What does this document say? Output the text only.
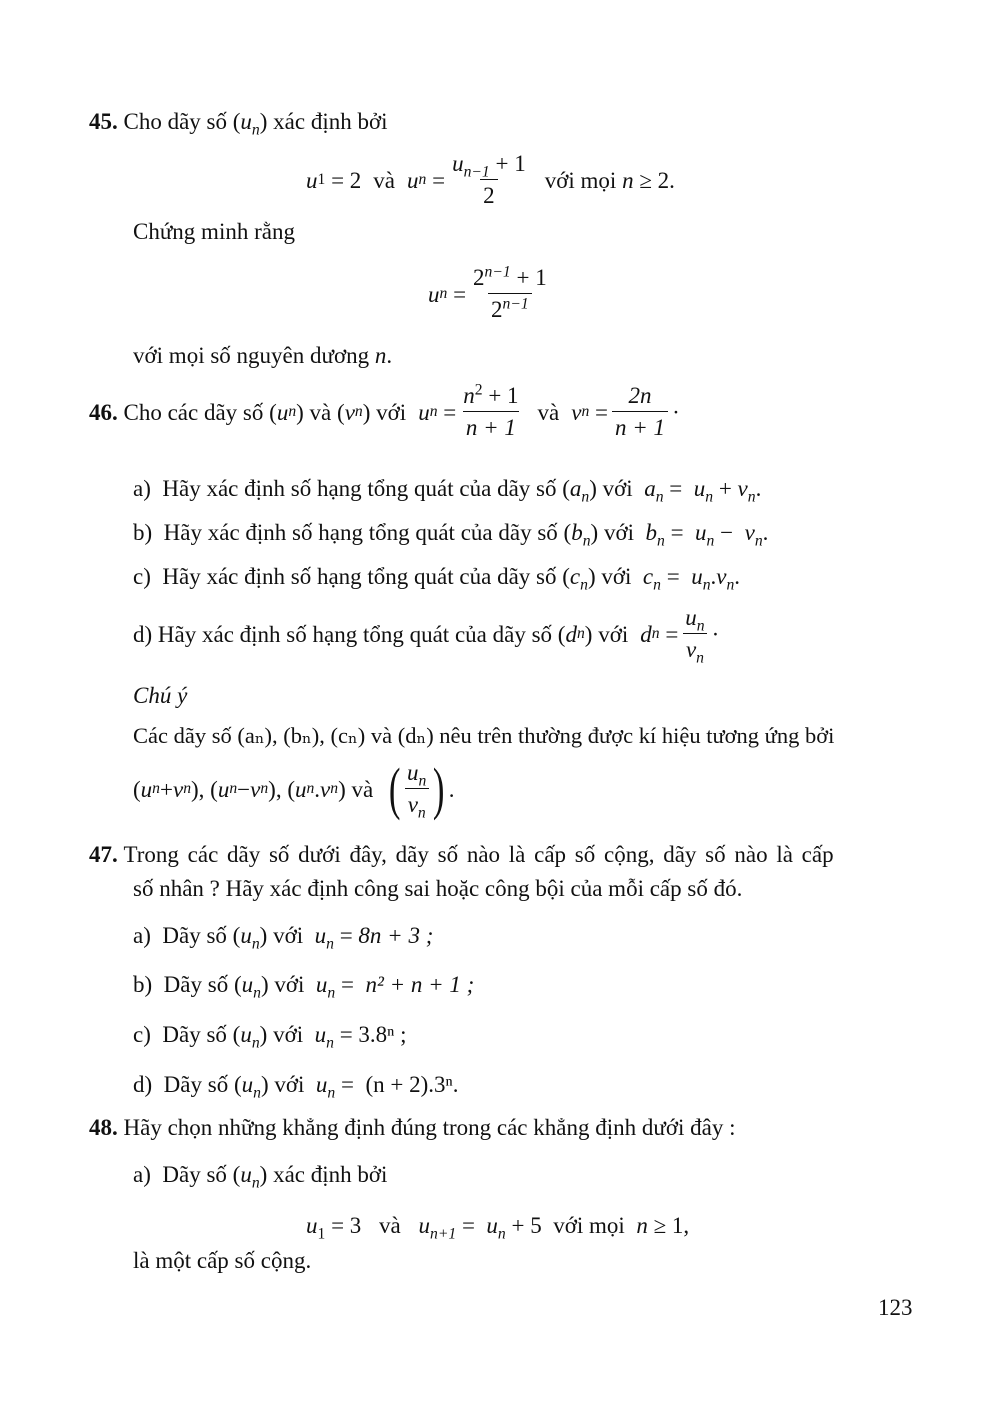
45. Cho dãy số $(u_n)$ xác định bởi
u 1
= 2 và u $n = \frac{u_{n-1} + 1}{2}$ với mọi
n
≥ 2.
Chứng minh rằng
u $n = \frac{2^{n-1} + 1}{2^{n-1}}$
với mọi số nguyên dương n.
46.
Cho các dãy số ( u n ) và ( v n ) với u $n = \frac{n^2 + 1}{n + 1}$ và v $n = \frac{2n}{n + 1}$ ·
a) Hãy xác định số hạng tổng quát của dãy số $(a_n)$ với $a_n = u_n + v_n$.
b) Hãy xác định số hạng tổng quát của dãy số $(b_n)$ với $b_n = u_n - v_n$.
c) Hãy xác định số hạng tổng quát của dãy số $(c_n)$ với $c_n = u_n.v_n$.
d)
Hãy xác định số hạng tổng quát của dãy số ( d n ) với d $n = \frac{u_n}{v_n}$ ·
Chú ý
Các dãy số (aₙ), (bₙ), (cₙ) và (dₙ) nêu trên thường được kí hiệu tương ứng bởi
( u n + v n ), ( u n − v n ), ( u n . v n ) và
( $\frac{u_n}{v_n}$ ) .
47. Trong các dãy số dưới đây, dãy số nào là cấp số cộng, dãy số nào là cấp
số nhân ? Hãy xác định công sai hoặc công bội của mỗi cấp số đó.
a) Dãy số $(u_n)$ với $u_n = 8n + 3$ ;
b) Dãy số $(u_n)$ với $u_n = n^2 + n + 1$ ;
c) Dãy số $(u_n)$ với $u_n = 3.8^n$ ;
d) Dãy số $(u_n)$ với $u_n = (n + 2).3^n$.
48. Hãy chọn những khẳng định đúng trong các khẳng định dưới đây :
a) Dãy số $(u_n)$ xác định bởi
$u_1 = 3$ và $u_{n+1} = u_n + 5$ với mọi n ≥ 1,
là một cấp số cộng.
123
